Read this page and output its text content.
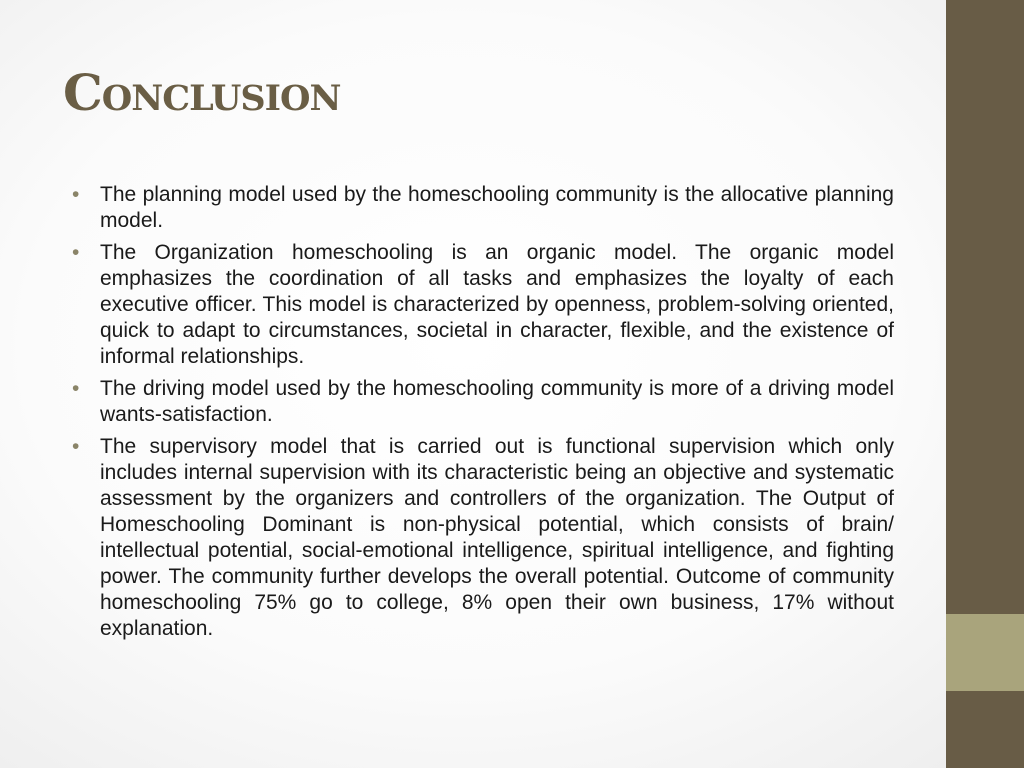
Conclusion
• The planning model used by the homeschooling community is the allocative planning model.
• The Organization homeschooling is an organic model. The organic model emphasizes the coordination of all tasks and emphasizes the loyalty of each executive officer. This model is characterized by openness, problem-solving oriented, quick to adapt to circumstances, societal in character, flexible, and the existence of informal relationships.
• The driving model used by the homeschooling community is more of a driving model wants-satisfaction.
• The supervisory model that is carried out is functional supervision which only includes internal supervision with its characteristic being an objective and systematic assessment by the organizers and controllers of the organization. The Output of Homeschooling Dominant is non-physical potential, which consists of brain/ intellectual potential, social-emotional intelligence, spiritual intelligence, and fighting power. The community further develops the overall potential. Outcome of community homeschooling 75% go to college, 8% open their own business, 17% without explanation.
